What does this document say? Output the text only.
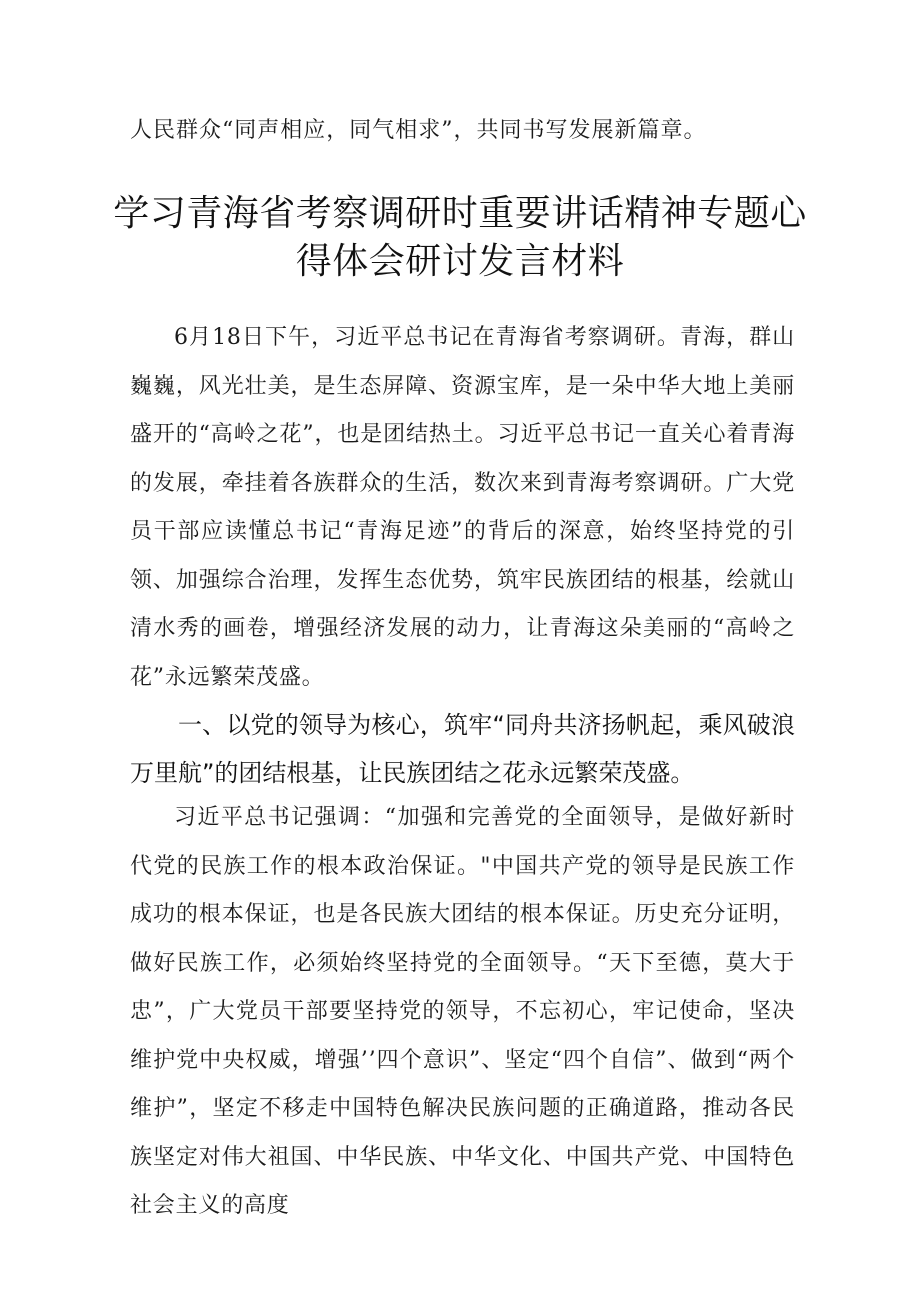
人民群众“同声相应，同气相求”，共同书写发展新篇章。
学习青海省考察调研时重要讲话精神专题心
得体会研讨发言材料

6月18日下午，习近平总书记在青海省考察调研。青海，群山巍巍，风光壮美，是生态屏障、资源宝库，是一朵中华大地上美丽盛开的“高岭之花”，也是团结热土。习近平总书记一直关心着青海的发展，牵挂着各族群众的生活，数次来到青海考察调研。广大党员干部应读懂总书记“青海足迹”的背后的深意，始终坚持党的引领、加强综合治理，发挥生态优势，筑牢民族团结的根基，绘就山清水秀的画卷，增强经济发展的动力，让青海这朵美丽的“高岭之花”永远繁荣茂盛。

一、以党的领导为核心，筑牢“同舟共济扬帆起，乘风破浪万里航”的团结根基，让民族团结之花永远繁荣茂盛。

习近平总书记强调：“加强和完善党的全面领导，是做好新时代党的民族工作的根本政治保证。"中国共产党的领导是民族工作成功的根本保证，也是各民族大团结的根本保证。历史充分证明，做好民族工作，必须始终坚持党的全面领导。“天下至德，莫大于忠”，广大党员干部要坚持党的领导，不忘初心，牢记使命，坚决维护党中央权威，增强’’四个意识”、坚定“四个自信”、做到“两个维护”，坚定不移走中国特色解决民族问题的正确道路，推动各民族坚定对伟大祖国、中华民族、中华文化、中国共产党、中国特色社会主义的高度
